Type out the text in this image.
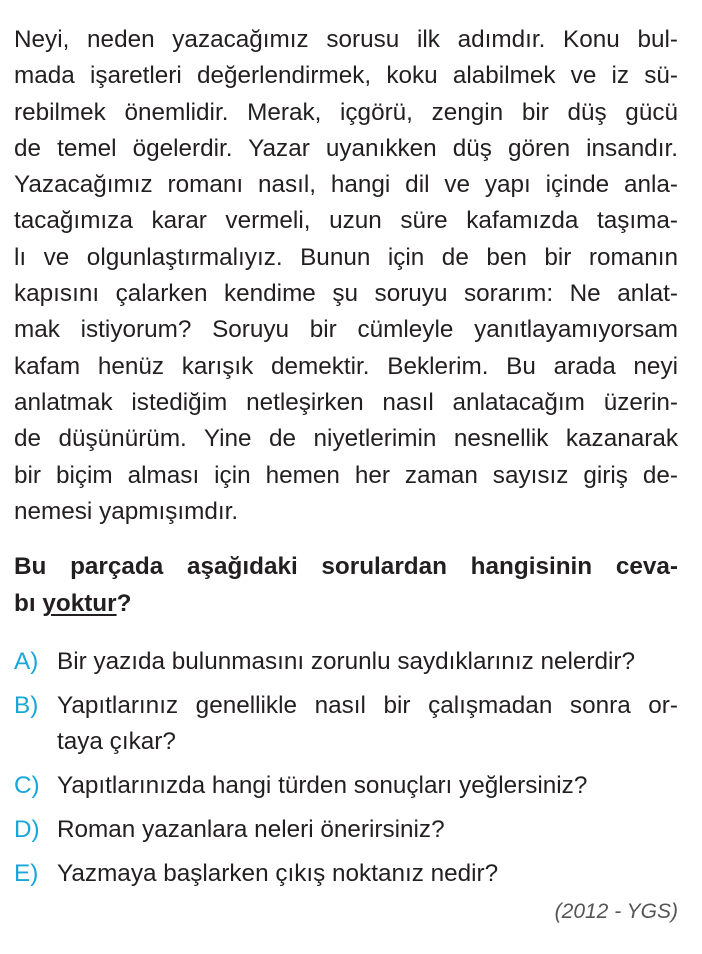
Neyi, neden yazacağımız sorusu ilk adımdır. Konu bul-
mada işaretleri değerlendirmek, koku alabilmek ve iz sü-
rebilmek önemlidir. Merak, içgörü, zengin bir düş gücü
de temel ögelerdir. Yazar uyanıkken düş gören insandır.
Yazacağımız romanı nasıl, hangi dil ve yapı içinde anla-
tacağımıza karar vermeli, uzun süre kafamızda taşıma-
lı ve olgunlaştırmalıyız. Bunun için de ben bir romanın
kapısını çalarken kendime şu soruyu sorarım: Ne anlat-
mak istiyorum? Soruyu bir cümleyle yanıtlayamıyorsam
kafam henüz karışık demektir. Beklerim. Bu arada neyi
anlatmak istediğim netleşirken nasıl anlatacağım üzerin-
de düşünürüm. Yine de niyetlerimin nesnellik kazanarak
bir biçim alması için hemen her zaman sayısız giriş de-
nemesi yapmışımdır.
Bu parçada aşağıdaki sorulardan hangisinin ceva-
bı yoktur?
A) Bir yazıda bulunmasını zorunlu saydıklarınız nelerdir?
B) Yapıtlarınız genellikle nasıl bir çalışmadan sonra or-
taya çıkar?
C) Yapıtlarınızda hangi türden sonuçları yeğlersiniz?
D) Roman yazanlara neleri önerirsiniz?
E) Yazmaya başlarken çıkış noktanız nedir?
(2012 - YGS)
